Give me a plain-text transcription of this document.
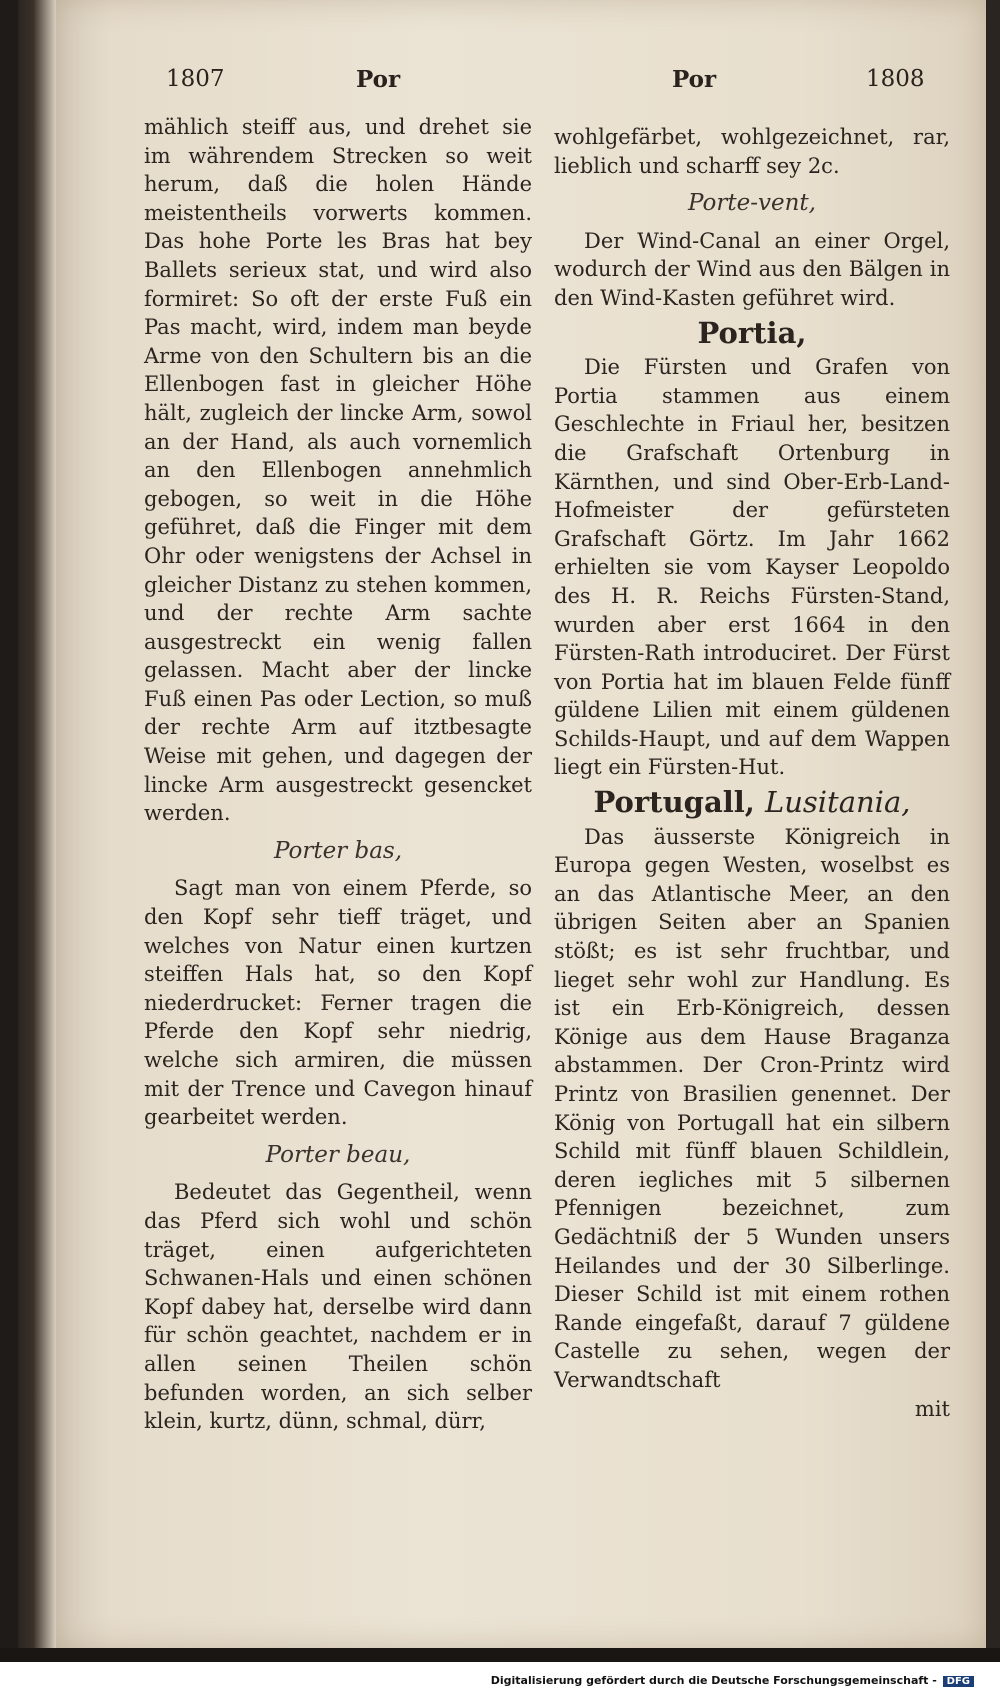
1807	Por	Por	1808

mählich steiff aus, und drehet sie im währendem Strecken so weit herum, daß die holen Hände meistentheils vorwerts kommen. Das hohe Porte les Bras hat bey Ballets serieux stat, und wird also formiret: So oft der erste Fuß ein Pas macht, wird, indem man beyde Arme von den Schultern bis an die Ellenbogen fast in gleicher Höhe hält, zugleich der lincke Arm, sowol an der Hand, als auch vornemlich an den Ellenbogen annehmlich gebogen, so weit in die Höhe geführet, daß die Finger mit dem Ohr oder wenigstens der Achsel in gleicher Distanz zu stehen kommen, und der rechte Arm sachte ausgestreckt ein wenig fallen gelassen. Macht aber der lincke Fuß einen Pas oder Lection, so muß der rechte Arm auf itztbesagte Weise mit gehen, und dagegen der lincke Arm ausgestreckt gesencket werden.

Porter bas,

Sagt man von einem Pferde, so den Kopf sehr tieff träget, und welches von Natur einen kurtzen steiffen Hals hat, so den Kopf niederdrucket: Ferner tragen die Pferde den Kopf sehr niedrig, welche sich armiren, die müssen mit der Trence und Cavegon hinauf gearbeitet werden.

Porter beau,

Bedeutet das Gegentheil, wenn das Pferd sich wohl und schön träget, einen aufgerichteten Schwanen-Hals und einen schönen Kopf dabey hat, derselbe wird dann für schön geachtet, nachdem er in allen seinen Theilen schön befunden worden, an sich selber klein, kurtz, dünn, schmal, dürr,

wohlgefärbet, wohlgezeichnet, rar, lieblich und scharff sey 2c.

Porte-vent,

Der Wind-Canal an einer Orgel, wodurch der Wind aus den Bälgen in den Wind-Kasten geführet wird.

Portia,

Die Fürsten und Grafen von Portia stammen aus einem Geschlechte in Friaul her, besitzen die Grafschaft Ortenburg in Kärnthen, und sind Ober-Erb-Land-Hofmeister der gefürsteten Grafschaft Görtz. Im Jahr 1662 erhielten sie vom Kayser Leopoldo des H. R. Reichs Fürsten-Stand, wurden aber erst 1664 in den Fürsten-Rath introduciret. Der Fürst von Portia hat im blauen Felde fünff güldene Lilien mit einem güldenen Schilds-Haupt, und auf dem Wappen liegt ein Fürsten-Hut.

Portugall, Lusitania,

Das äusserste Königreich in Europa gegen Westen, woselbst es an das Atlantische Meer, an den übrigen Seiten aber an Spanien stößt; es ist sehr fruchtbar, und lieget sehr wohl zur Handlung. Es ist ein Erb-Königreich, dessen Könige aus dem Hause Braganza abstammen. Der Cron-Printz wird Printz von Brasilien genennet. Der König von Portugall hat ein silbern Schild mit fünff blauen Schildlein, deren iegliches mit 5 silbernen Pfennigen bezeichnet, zum Gedächtniß der 5 Wunden unsers Heilandes und der 30 Silberlinge. Dieser Schild ist mit einem rothen Rande eingefaßt, darauf 7 güldene Castelle zu sehen, wegen der Verwandtschaft

mit
Digitalisierung gefördert durch die Deutsche Forschungsgemeinschaft - DFG
